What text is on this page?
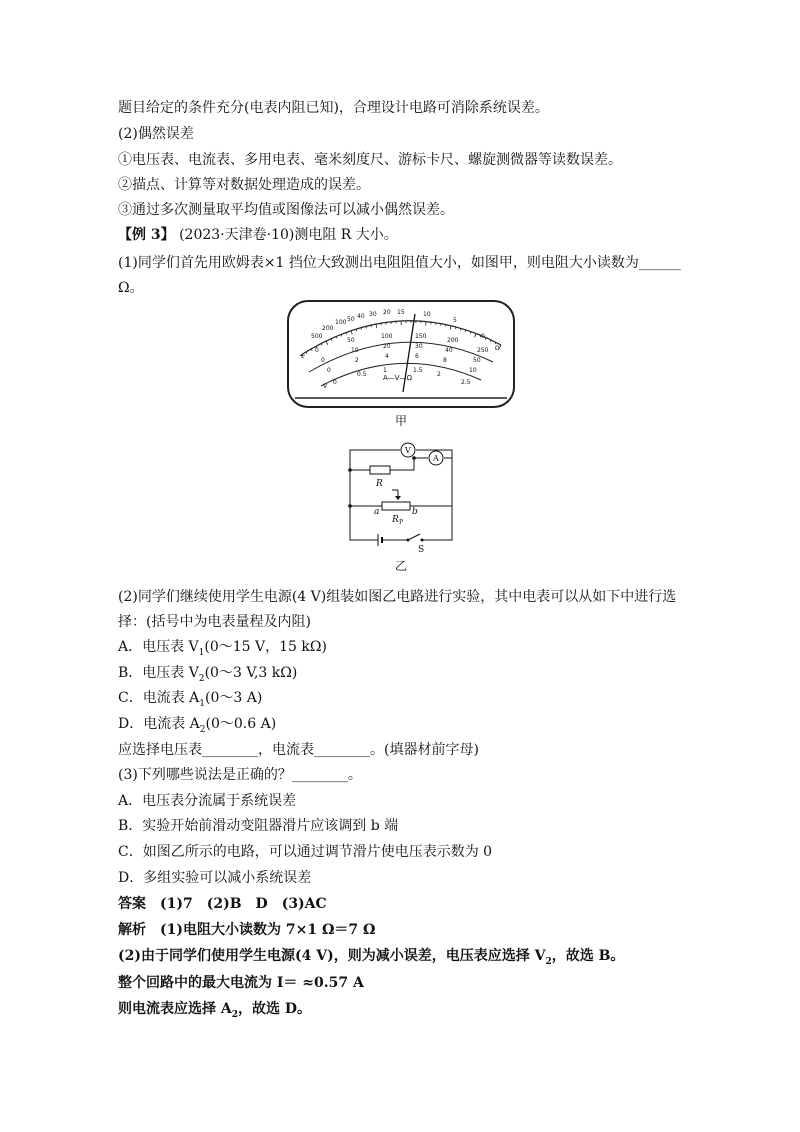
题目给定的条件充分(电表内阻已知)，合理设计电路可消除系统误差。
(2)偶然误差
①电压表、电流表、多用电表、毫米刻度尺、游标卡尺、螺旋测微器等读数误差。
②描点、计算等对数据处理造成的误差。
③通过多次测量取平均值或图像法可以减小偶然误差。
【例 3】 (2023·天津卷·10)测电阻 R 大小。
(1)同学们首先用欧姆表×1 挡位大致测出电阻阻值大小，如图甲，则电阻大小读数为______
Ω。
500
200
100 50 40 30 20 15	10
5
0
Ω
0
50
100	150
200
250
0
10
20	30
40
50
0
2
4	6
8
10
0
0.5
1	1.5
2
2.5
A—V—Ω
V
~
甲
V
A
R
R P
a	b
S
乙
(2)同学们继续使用学生电源(4 V)组装如图乙电路进行实验，其中电表可以从如下中进行选
择：(括号中为电表量程及内阻)
A．电压表 $V_1(0\sim 15$ V，15 kΩ)
B．电压表 $V_2(0\sim 3$ V,3 kΩ)
C．电流表 $A_1(0\sim 3$ A)
D．电流表 $A_2(0\sim 0.6$ A)
应选择电压表________，电流表________。(填器材前字母)
(3)下列哪些说法是正确的？________。
A．电压表分流属于系统误差
B．实验开始前滑动变阻器滑片应该调到 b 端
C．如图乙所示的电路，可以通过调节滑片使电压表示数为 0
D．多组实验可以减小系统误差
答案　(1)7　(2)B　D　(3)AC
解析　(1)电阻大小读数为 7×1 Ω＝7 Ω
(2)由于同学们使用学生电源(4 V)，则为减小误差，电压表应选择 $V_2$，故选 B。
整个回路中的最大电流为 I＝ ≈0.57 A
则电流表应选择 $A_2$，故选 D。
